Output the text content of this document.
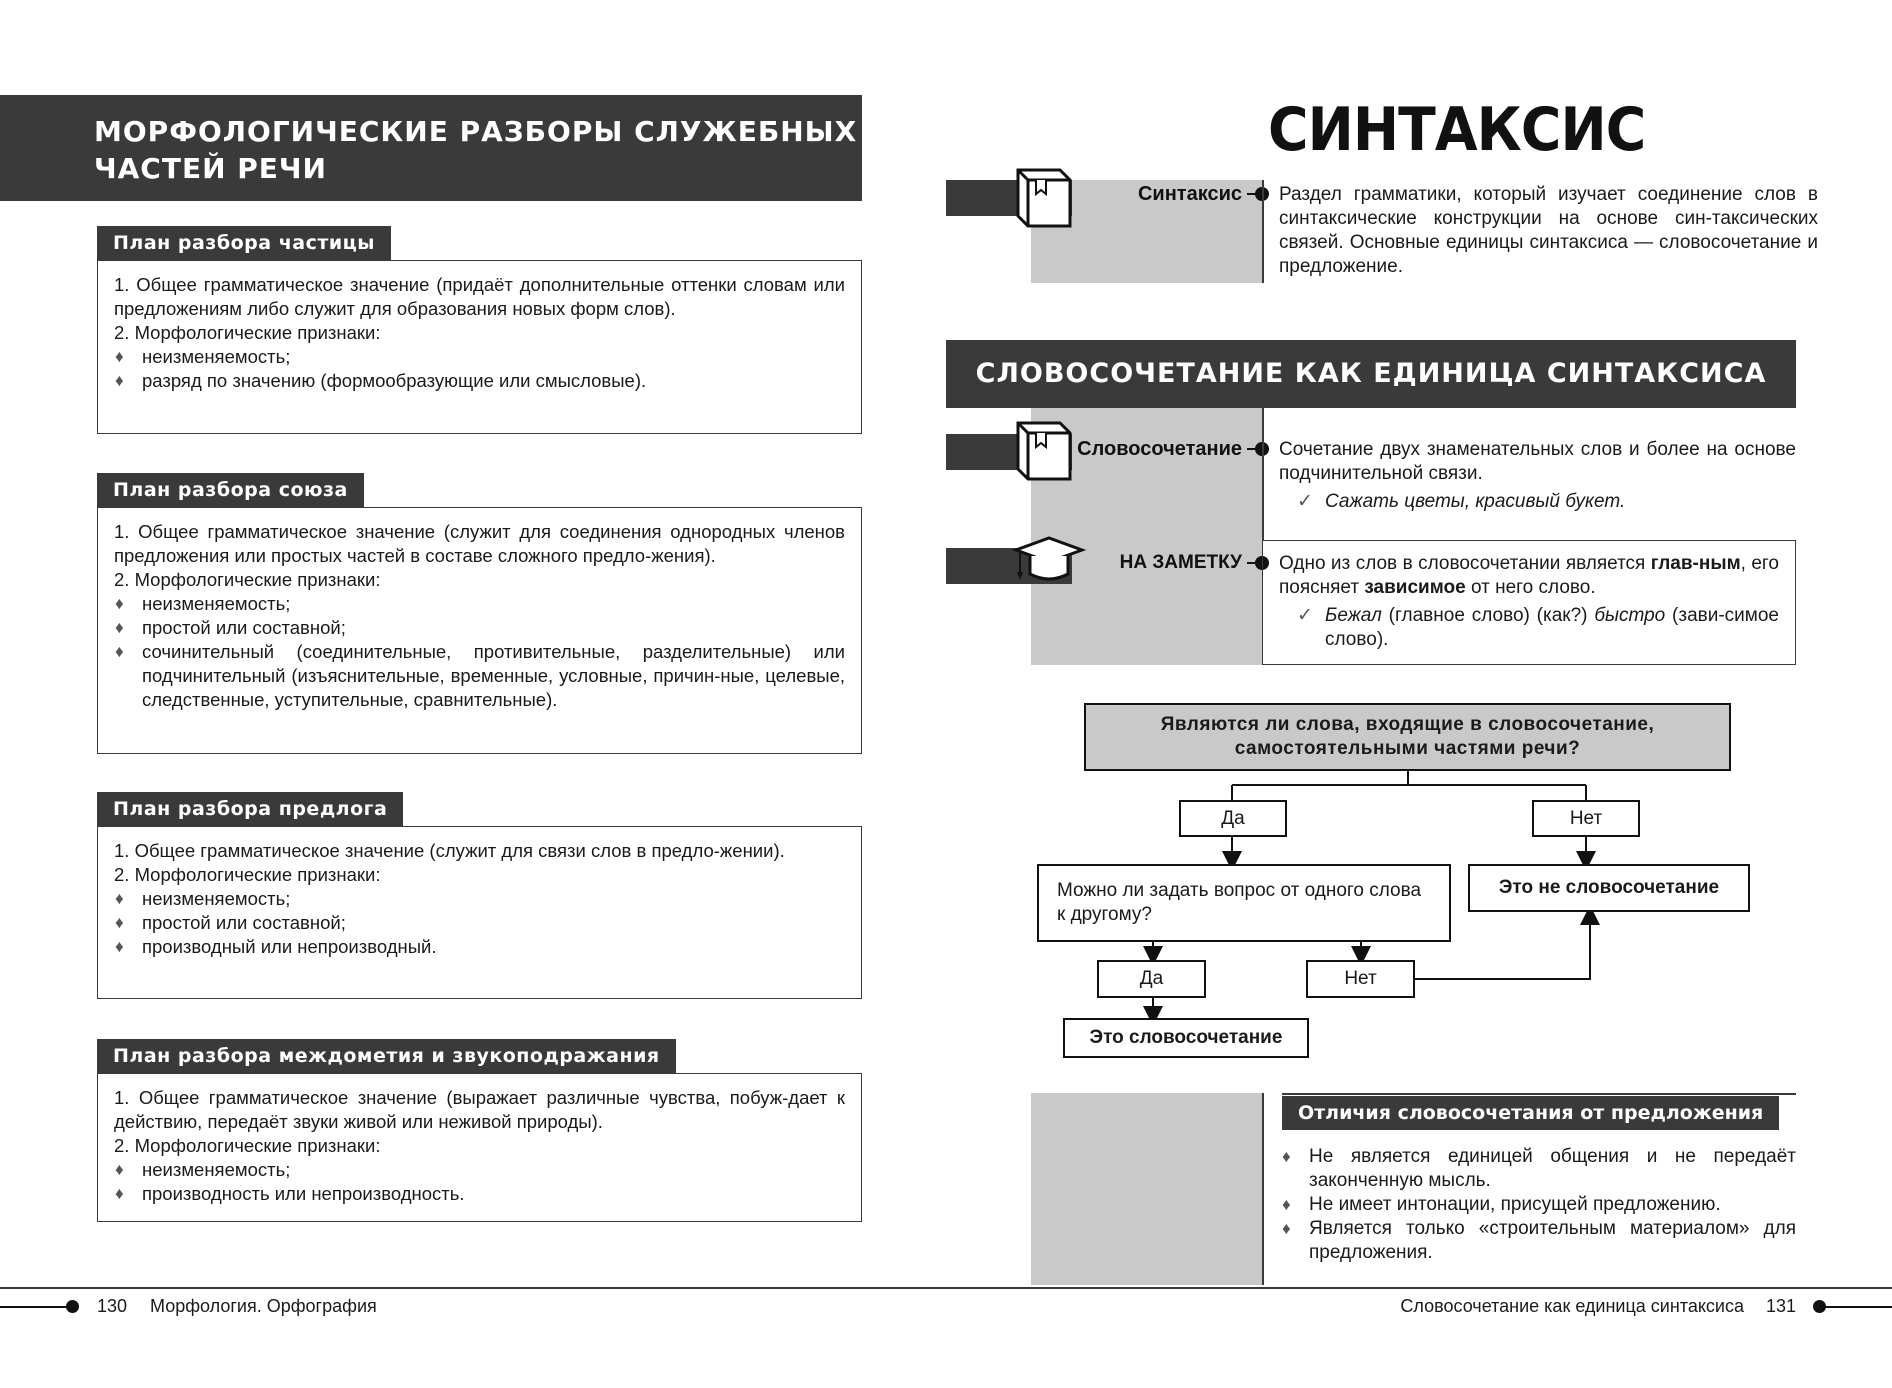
МОРФОЛОГИЧЕСКИЕ РАЗБОРЫ СЛУЖЕБНЫХ
ЧАСТЕЙ РЕЧИ
План разбора частицы
1. Общее грамматическое значение (придаёт дополнительные оттенки словам или предложениям либо служит для образования новых форм слов).
2. Морфологические признаки:
♦ неизменяемость;
♦ разряд по значению (формообразующие или смысловые).
План разбора союза
1. Общее грамматическое значение (служит для соединения однородных членов предложения или простых частей в составе сложного предло-жения).
2. Морфологические признаки:
♦ неизменяемость;
♦ простой или составной;
♦ сочинительный (соединительные, противительные, разделительные) или подчинительный (изъяснительные, временные, условные, причин-ные, целевые, следственные, уступительные, сравнительные).
План разбора предлога
1. Общее грамматическое значение (служит для связи слов в предло-жении).
2. Морфологические признаки:
♦ неизменяемость;
♦ простой или составной;
♦ производный или непроизводный.
План разбора междометия и звукоподражания
1. Общее грамматическое значение (выражает различные чувства, побуж-дает к действию, передаёт звуки живой или неживой природы).
2. Морфологические признаки:
♦ неизменяемость;
♦ производность или непроизводность.
СИНТАКСИС
Синтаксис Раздел грамматики, который изучает соединение слов в синтаксические конструкции на основе син-таксических связей. Основные единицы синтаксиса — словосочетание и предложение.
СЛОВОСОЧЕТАНИЕ КАК ЕДИНИЦА СИНТАКСИСА
Словосочетание Сочетание двух знаменательных слов и более на основе подчинительной связи.
✓ Сажать цветы, красивый букет.
НА ЗАМЕТКУ Одно из слов в словосочетании является глав-ным, его поясняет зависимое от него слово.
✓ Бежал (главное слово) (как?) быстро (зави-симое слово).
Являются ли слова, входящие в словосочетание,
самостоятельными частями речи?
Да	Нет
Можно ли задать вопрос от одного слова к другому?
Это не словосочетание
Да	Нет
Это словосочетание
Отличия словосочетания от предложения
♦ Не является единицей общения и не передаёт законченную мысль.
♦ Не имеет интонации, присущей предложению.
♦ Является только «строительным материалом» для предложения.
130 Морфология. Орфография	Словосочетание как единица синтаксиса 131
